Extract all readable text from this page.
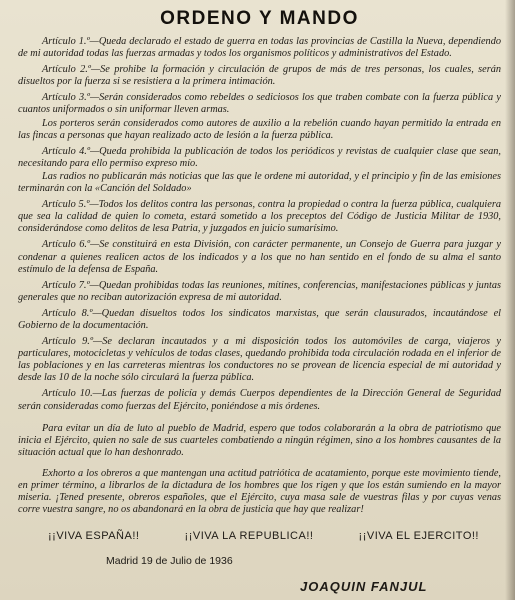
ORDENO Y MANDO

Artículo 1.º—Queda declarado el estado de guerra en todas las provincias de Castilla la Nueva, dependiendo de mi autoridad todas las fuerzas armadas y todos los organismos políticos y administrativos del Estado.

Artículo 2.º—Se prohibe la formación y circulación de grupos de más de tres personas, los cuales, serán disueltos por la fuerza si se resistiera a la primera intimación.

Artículo 3.º—Serán considerados como rebeldes o sediciosos los que traben combate con la fuerza pública y cuantos uniformados o sin uniformar lleven armas.

Los porteros serán considerados como autores de auxilio a la rebelión cuando hayan permitido la entrada en las fincas a personas que hayan realizado acto de lesión a la fuerza pública.

Artículo 4.º—Queda prohibida la publicación de todos los periódicos y revistas de cualquier clase que sean, necesitando para ello permiso expreso mío.

Las radios no publicarán más noticias que las que le ordene mi autoridad, y el principio y fin de las emisiones terminarán con la «Canción del Soldado»

Artículo 5.º—Todos los delitos contra las personas, contra la propiedad o contra la fuerza pública, cualquiera que sea la calidad de quien lo cometa, estará sometido a los preceptos del Código de Justicia Militar de 1930, considerándose como delitos de lesa Patria, y juzgados en juicio sumarísimo.

Artículo 6.º—Se constituirá en esta División, con carácter permanente, un Consejo de Guerra para juzgar y condenar a quienes realicen actos de los indicados y a los que no han sentido en el fondo de su alma el santo estímulo de la defensa de España.

Artículo 7.º—Quedan prohibidas todas las reuniones, mítines, conferencias, manifestaciones públicas y juntas generales que no reciban autorización expresa de mi autoridad.

Artículo 8.º—Quedan disueltos todos los sindicatos marxistas, que serán clausurados, incautándose el Gobierno de la documentación.

Artículo 9.º—Se declaran incautados y a mi disposición todos los automóviles de carga, viajeros y particulares, motocicletas y vehículos de todas clases, quedando prohibida toda circulación rodada en el inferior de las poblaciones y en las carreteras mientras los conductores no se provean de licencia especial de mi autoridad y desde las 10 de la noche sólo circulará la fuerza pública.

Artículo 10.—Las fuerzas de policía y demás Cuerpos dependientes de la Dirección General de Seguridad serán consideradas como fuerzas del Ejército, poniéndose a mis órdenes.

Para evitar un día de luto al pueblo de Madrid, espero que todos colaborarán a la obra de patriotismo que inicia el Ejército, quien no sale de sus cuarteles combatiendo a ningún régimen, sino a los hombres causantes de la situación actual que lo han deshonrado.

Exhorto a los obreros a que mantengan una actitud patriótica de acatamiento, porque este movimiento tiende, en primer término, a librarlos de la dictadura de los hombres que los rigen y que los están sumiendo en la mayor miseria. ¡Tened presente, obreros españoles, que el Ejército, cuya masa sale de vuestras filas y por cuyas venas corre vuestra sangre, no os abandonará en la obra de justicia que hay que realizar!

¡¡VIVA ESPAÑA!!	¡¡VIVA LA REPUBLICA!!	¡¡VIVA EL EJERCITO!!
Madrid 19 de Julio de 1936
JOAQUIN FANJUL
